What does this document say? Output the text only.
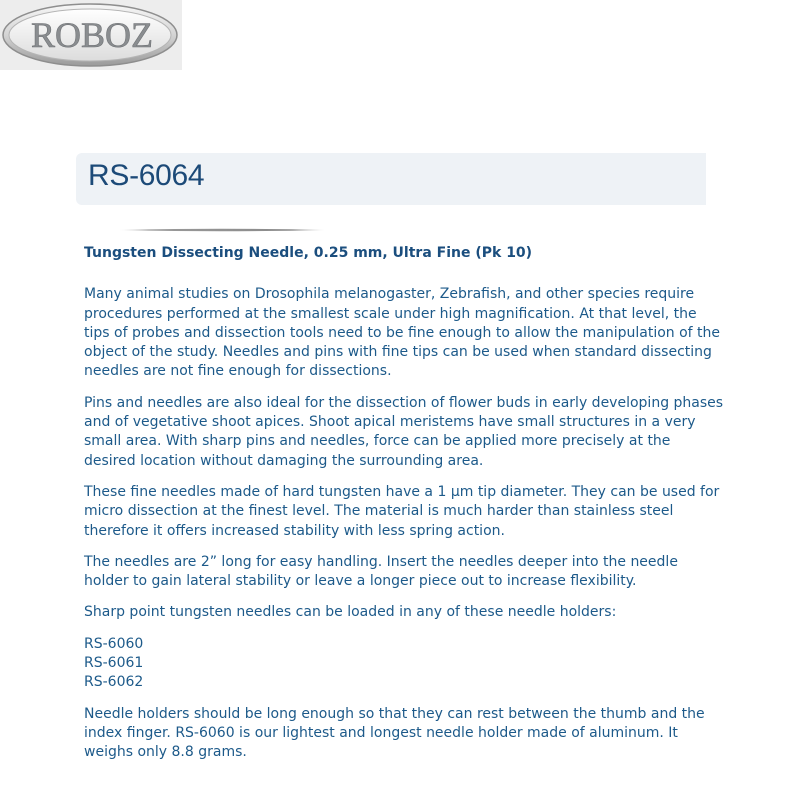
ROBOZ
RS-6064
Tungsten Dissecting Needle, 0.25 mm, Ultra Fine (Pk 10)

Many animal studies on Drosophila melanogaster, Zebrafish, and other species require procedures performed at the smallest scale under high magnification. At that level, the tips of probes and dissection tools need to be fine enough to allow the manipulation of the object of the study. Needles and pins with fine tips can be used when standard dissecting needles are not fine enough for dissections.

Pins and needles are also ideal for the dissection of flower buds in early developing phases and of vegetative shoot apices. Shoot apical meristems have small structures in a very small area. With sharp pins and needles, force can be applied more precisely at the desired location without damaging the surrounding area.

These fine needles made of hard tungsten have a 1 µm tip diameter. They can be used for micro dissection at the finest level. The material is much harder than stainless steel therefore it offers increased stability with less spring action.

The needles are 2” long for easy handling. Insert the needles deeper into the needle holder to gain lateral stability or leave a longer piece out to increase flexibility.

Sharp point tungsten needles can be loaded in any of these needle holders:

RS-6060
RS-6061
RS-6062

Needle holders should be long enough so that they can rest between the thumb and the index finger. RS-6060 is our lightest and longest needle holder made of aluminum. It weighs only 8.8 grams.
